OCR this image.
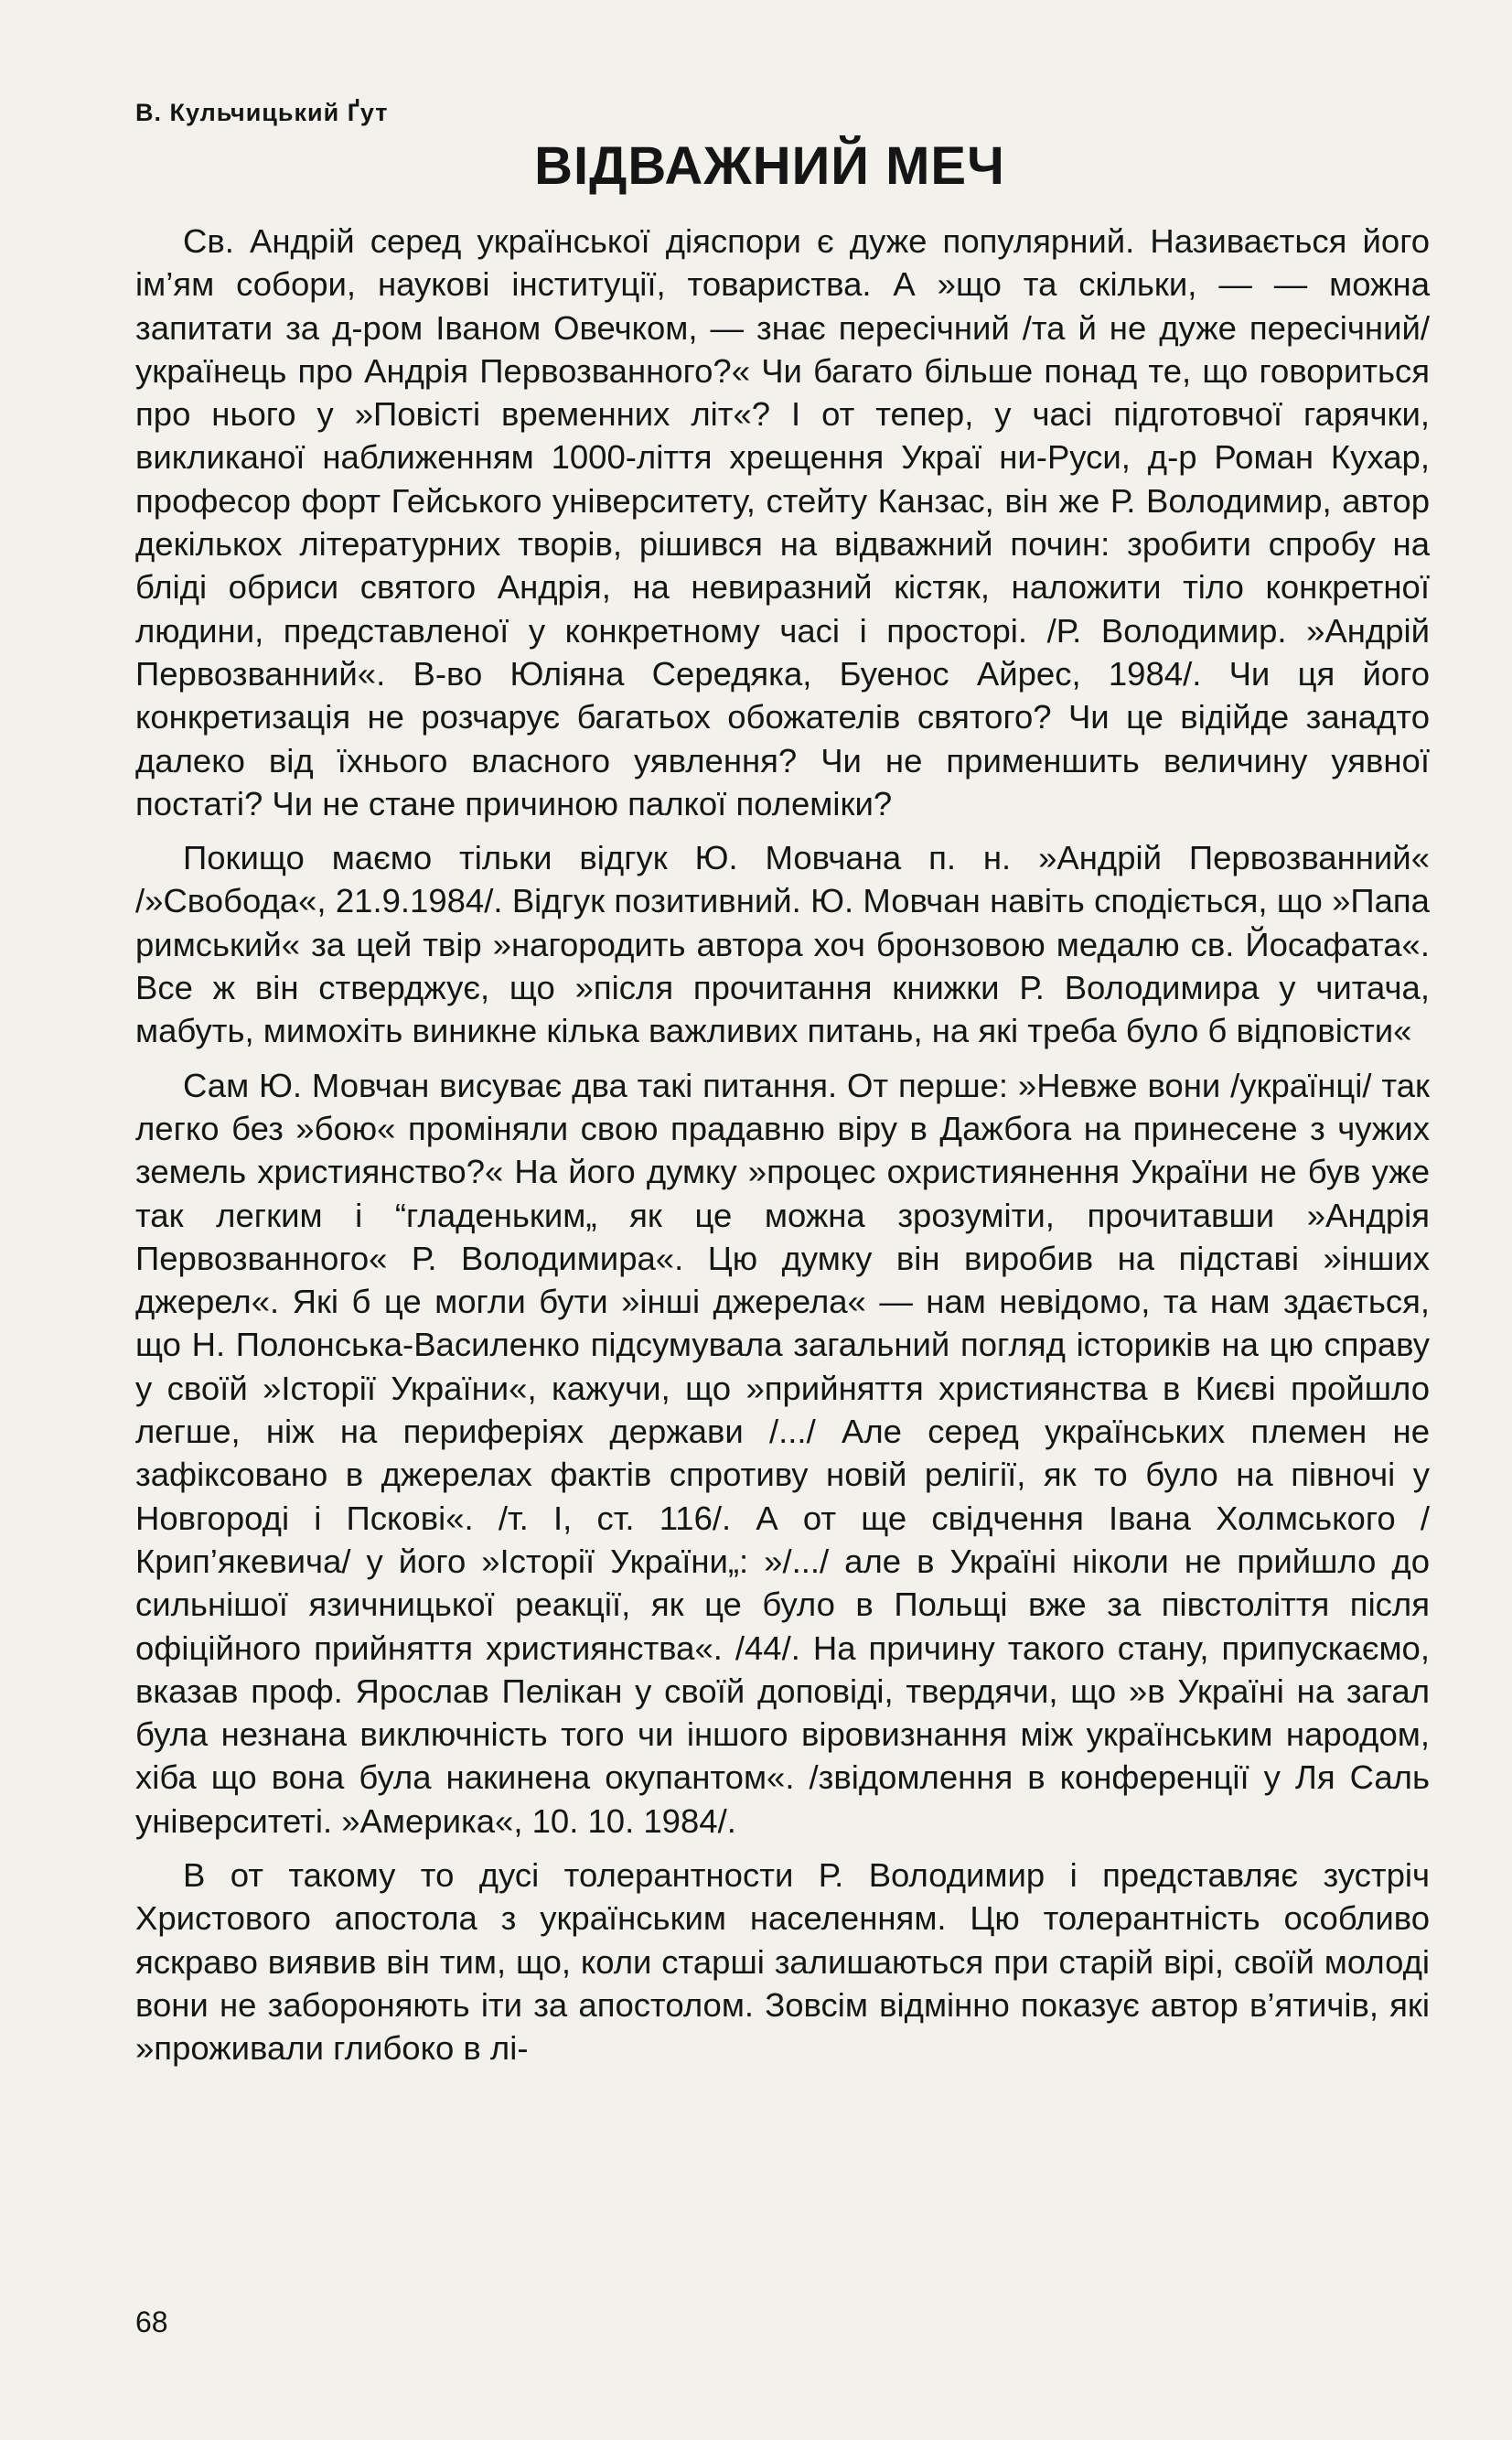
В. Кульчицький Ґут
ВІДВАЖНИЙ МЕЧ

Св. Андрій серед української діяспори є дуже популярний. Називається його ім’ям собори, наукові інституції, товариства. А »що та скільки, — — можна запитати за д-ром Іваном Овечком, — знає пересічний /та й не дуже пересічний/ українець про Андрія Первозванного?« Чи багато більше понад те, що говориться про нього у »Повісті временних літ«? І от тепер, у часі підготовчої гарячки, викликаної наближенням 1000-ліття хрещення Украї ни-Руси, д-р Роман Кухар, професор форт Гейського університету, стейту Канзас, він же Р. Володимир, автор декількох літературних творів, рішився на відважний почин: зробити спробу на бліді обриси святого Андрія, на невиразний кістяк, наложити тіло конкретної людини, представленої у конкретному часі і просторі. /Р. Володимир. »Андрій Первозванний«. В-во Юліяна Середяка, Буенос Айрес, 1984/. Чи ця його конкретизація не розчарує багатьох обожателів святого? Чи це відійде занадто далеко від їхнього власного уявлення? Чи не применшить величину уявної постаті? Чи не стане причиною палкої полеміки?

Покищо маємо тільки відгук Ю. Мовчана п. н. »Андрій Первозванний« /»Свобода«, 21.9.1984/. Відгук позитивний. Ю. Мовчан навіть сподіється, що »Папа римський« за цей твір »нагородить автора хоч бронзовою медалю св. Йосафата«. Все ж він стверджує, що »після прочитання книжки Р. Володимира у читача, мабуть, мимохіть виникне кілька важливих питань, на які треба було б відповісти«

Сам Ю. Мовчан висуває два такі питання. От перше: »Невже вони /українці/ так легко без »бою« проміняли свою прадавню віру в Дажбога на принесене з чужих земель християнство?« На його думку »процес охристиянення України не був уже так легким і “гладеньким„ як це можна зрозуміти, прочитавши »Андрія Первозванного« Р. Володимира«. Цю думку він виробив на підставі »інших джерел«. Які б це могли бути »інші джерела« — нам невідомо, та нам здається, що Н. Полонська-Василенко підсумувала загальний погляд істориків на цю справу у своїй »Історії України«, кажучи, що »прийняття християнства в Києві пройшло легше, ніж на периферіях держави /.../ Але серед українських племен не зафіксовано в джерелах фактів спротиву новій релігії, як то було на півночі у Новгороді і Пскові«. /т. І, ст. 116/. А от ще свідчення Івана Холмського /Крип’якевича/ у його »Історії України„: »/.../ але в Україні ніколи не прийшло до сильнішої язичницької реакції, як це було в Польщі вже за півстоліття після офіційного прийняття християнства«. /44/. На причину такого стану, припускаємо, вказав проф. Ярослав Пелікан у своїй доповіді, твердячи, що »в Україні на загал була незнана виключність того чи іншого віровизнання між українським народом, хіба що вона була накинена окупантом«. /звідомлення в конференції у Ля Саль університеті. »Америка«, 10. 10. 1984/.

В от такому то дусі толерантности Р. Володимир і представляє зустріч Христового апостола з українським населенням. Цю толерантність особливо яскраво виявив він тим, що, коли старші залишаються при старій вірі, своїй молоді вони не забороняють іти за апостолом. Зовсім відмінно показує автор в’ятичів, які »проживали глибоко в лі-

68
